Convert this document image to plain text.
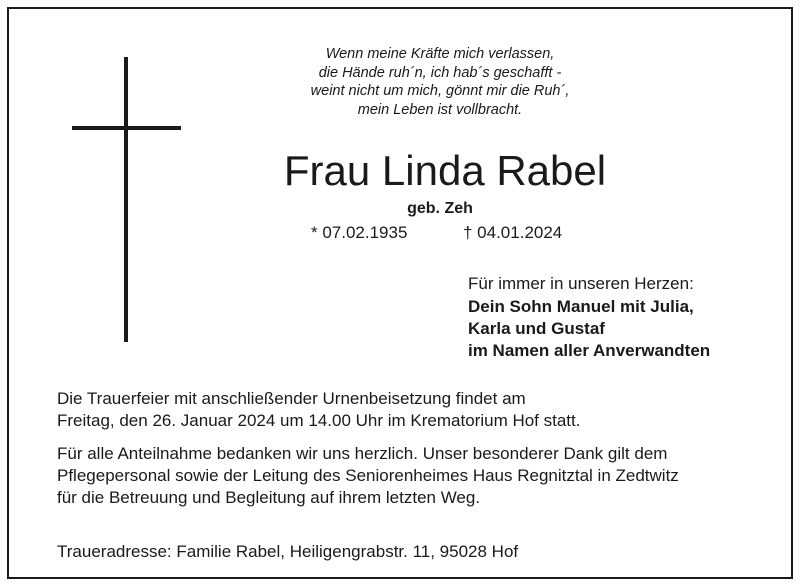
Wenn meine Kräfte mich verlassen,
die Hände ruh´n, ich hab´s geschafft -
weint nicht um mich, gönnt mir die Ruh´,
mein Leben ist vollbracht.
Frau Linda Rabel
geb. Zeh
* 07.02.1935	† 04.01.2024
Für immer in unseren Herzen:
Dein Sohn Manuel mit Julia,
Karla und Gustaf
im Namen aller Anverwandten
Die Trauerfeier mit anschließender Urnenbeisetzung findet am
Freitag, den 26. Januar 2024 um 14.00 Uhr im Krematorium Hof statt.
Für alle Anteilnahme bedanken wir uns herzlich. Unser besonderer Dank gilt dem
Pflegepersonal sowie der Leitung des Seniorenheimes Haus Regnitztal in Zedtwitz
für die Betreuung und Begleitung auf ihrem letzten Weg.
Traueradresse: Familie Rabel, Heiligengrabstr. 11, 95028 Hof
